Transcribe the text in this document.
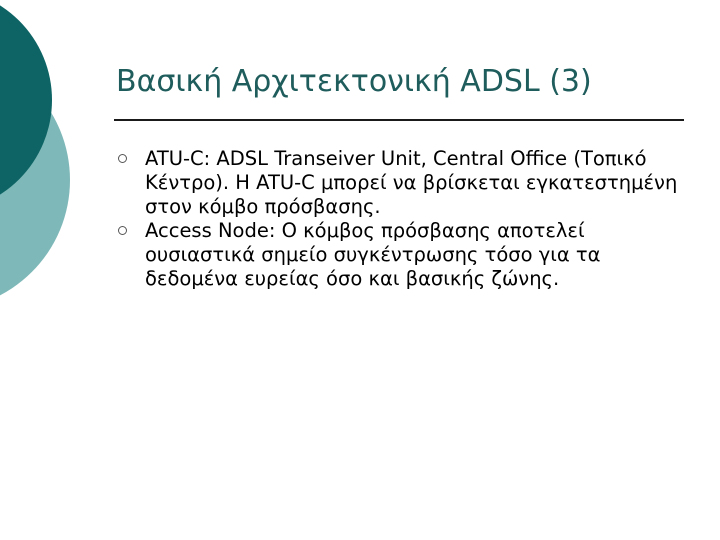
Βασική Αρχιτεκτονική ADSL (3)
ATU-C: ADSL Transeiver Unit, Central Office (Τοπικό Κέντρο). Η ATU-C μπορεί να βρίσκεται εγκατεστημένη στον κόμβο πρόσβασης.
Access Node: O κόμβος πρόσβασης αποτελεί ουσιαστικά σημείο συγκέντρωσης τόσο για τα δεδομένα ευρείας όσο και βασικής ζώνης.
